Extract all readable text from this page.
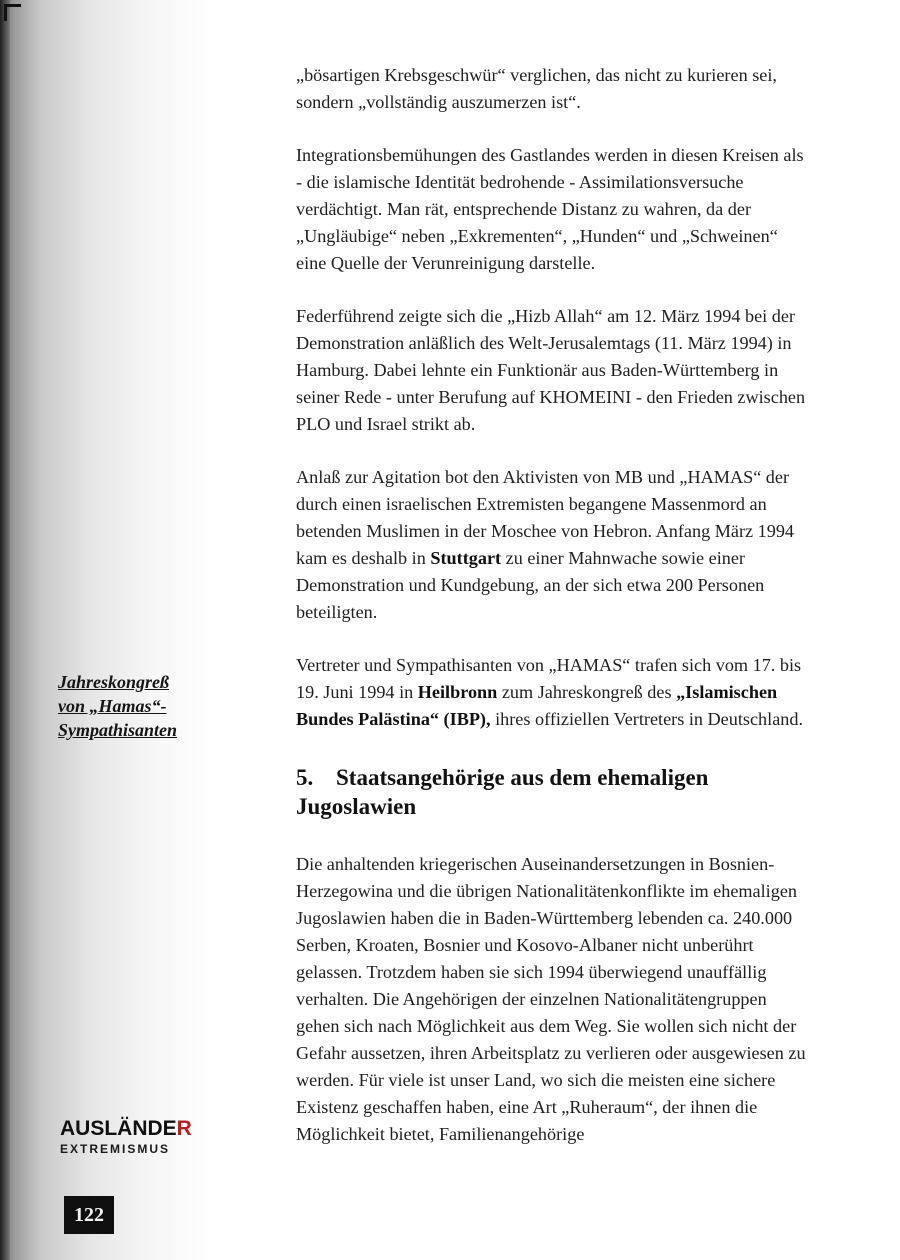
Jahreskongreß
von „Hamas“-
Sympathisanten
AUSLÄNDER
EXTREMISMUS
122

„bösartigen Krebsgeschwür“ verglichen, das nicht zu kurieren sei, sondern „vollständig auszumerzen ist“.

Integrationsbemühungen des Gastlandes werden in diesen Kreisen als - die islamische Identität bedrohende - Assimilationsversuche verdächtigt. Man rät, entsprechende Distanz zu wahren, da der „Ungläubige“ neben „Exkrementen“, „Hunden“ und „Schweinen“ eine Quelle der Verunreinigung darstelle.

Federführend zeigte sich die „Hizb Allah“ am 12. März 1994 bei der Demonstration anläßlich des Welt-Jerusalemtags (11. März 1994) in Hamburg. Dabei lehnte ein Funktionär aus Baden-Württemberg in seiner Rede - unter Berufung auf KHOMEINI - den Frieden zwischen PLO und Israel strikt ab.

Anlaß zur Agitation bot den Aktivisten von MB und „HAMAS“ der durch einen israelischen Extremisten begangene Massenmord an betenden Muslimen in der Moschee von Hebron. Anfang März 1994 kam es deshalb in Stuttgart zu einer Mahnwache sowie einer Demonstration und Kundgebung, an der sich etwa 200 Personen beteiligten.

Vertreter und Sympathisanten von „HAMAS“ trafen sich vom 17. bis 19. Juni 1994 in Heilbronn zum Jahreskongreß des „Islamischen Bundes Palästina“ (IBP), ihres offiziellen Vertreters in Deutschland.

5. Staatsangehörige aus dem ehemaligen Jugoslawien

Die anhaltenden kriegerischen Auseinandersetzungen in Bosnien-Herzegowina und die übrigen Nationalitätenkonflikte im ehemaligen Jugoslawien haben die in Baden-Württemberg lebenden ca. 240.000 Serben, Kroaten, Bosnier und Kosovo-Albaner nicht unberührt gelassen. Trotzdem haben sie sich 1994 überwiegend unauffällig verhalten. Die Angehörigen der einzelnen Nationalitätengruppen gehen sich nach Möglichkeit aus dem Weg. Sie wollen sich nicht der Gefahr aussetzen, ihren Arbeitsplatz zu verlieren oder ausgewiesen zu werden. Für viele ist unser Land, wo sich die meisten eine sichere Existenz geschaffen haben, eine Art „Ruheraum“, der ihnen die Möglichkeit bietet, Familienangehörige
